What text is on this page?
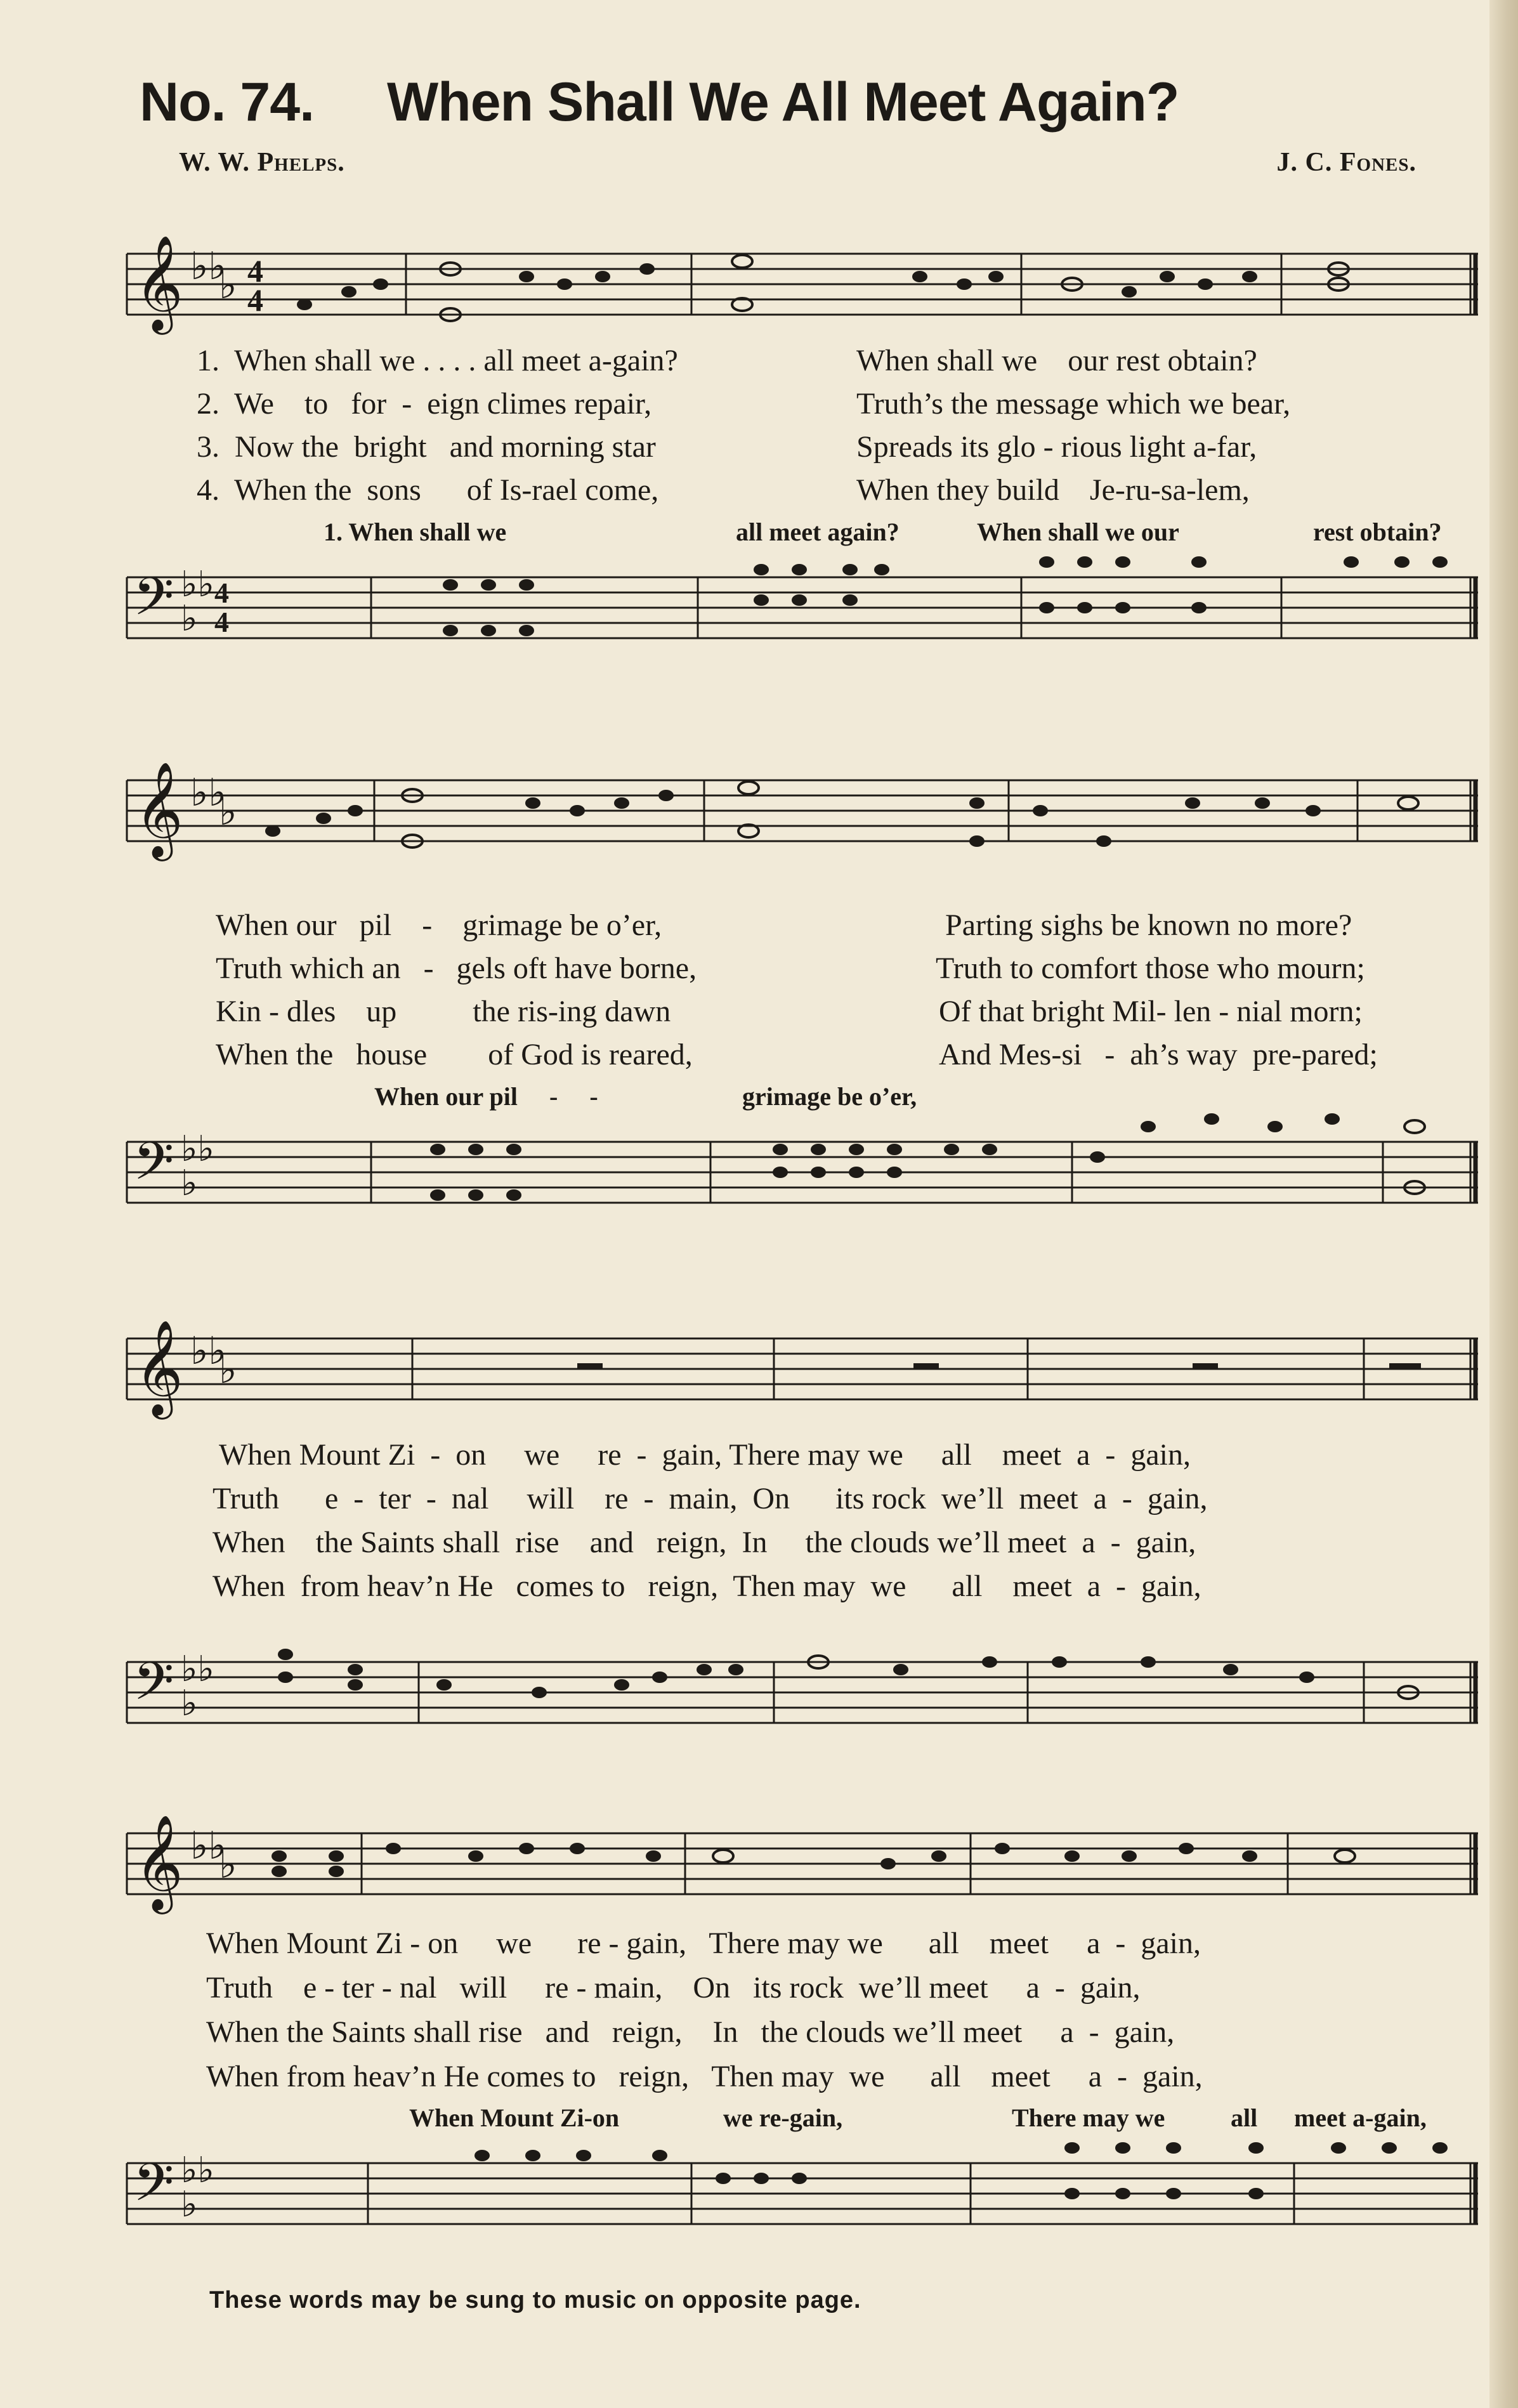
No. 74. When Shall We All Meet Again?
W. W. Phelps.	J. C. Fones.
𝄞 ♭♭
♭ 4
4
1.  When shall we . . . . all meet a-gain?	When shall we    our rest obtain?
2.  We    to   for  -  eign climes repair,	Truth’s the message which we bear,
3.  Now the  bright   and morning star	Spreads its glo - rious light a-far,
4.  When the  sons      of Is-rael come,	When they build    Je-ru-sa-lem,
1. When shall we	all meet again?	When shall we our	rest obtain?
𝄢 ♭♭
♭
4
4
𝄞 ♭♭
♭
When our   pil    -    grimage be o’er,	Parting sighs be known no more?
Truth which an   -   gels oft have borne,	Truth to comfort those who mourn;
Kin - dles    up          the ris-ing dawn	Of that bright Mil- len - nial morn;
When the   house        of God is reared,	And Mes-si   -  ah’s way  pre-pared;
When our pil     -     -	grimage be o’er,
𝄢 ♭♭
♭
𝄞 ♭♭
♭
When Mount Zi  -  on     we     re  -  gain, There may we     all    meet  a  -  gain,
Truth      e  -  ter  -  nal     will    re  -  main,  On      its rock  we’ll  meet  a  -  gain,
When    the Saints shall  rise    and   reign,  In     the clouds we’ll meet  a  -  gain,
When  from heav’n He   comes to   reign,  Then may  we      all    meet  a  -  gain,
𝄢 ♭♭
♭
𝄞 ♭♭
♭
When Mount Zi - on     we      re - gain,   There may we      all    meet     a  -  gain,
Truth    e - ter - nal   will     re - main,    On   its rock  we’ll meet     a  -  gain,
When the Saints shall rise   and   reign,    In   the clouds we’ll meet     a  -  gain,
When from heav’n He comes to   reign,   Then may  we      all    meet     a  -  gain,
When Mount Zi-on	we re-gain,	There may we	all meet a-gain,
𝄢 ♭♭
♭
These words may be sung to music on opposite page.
